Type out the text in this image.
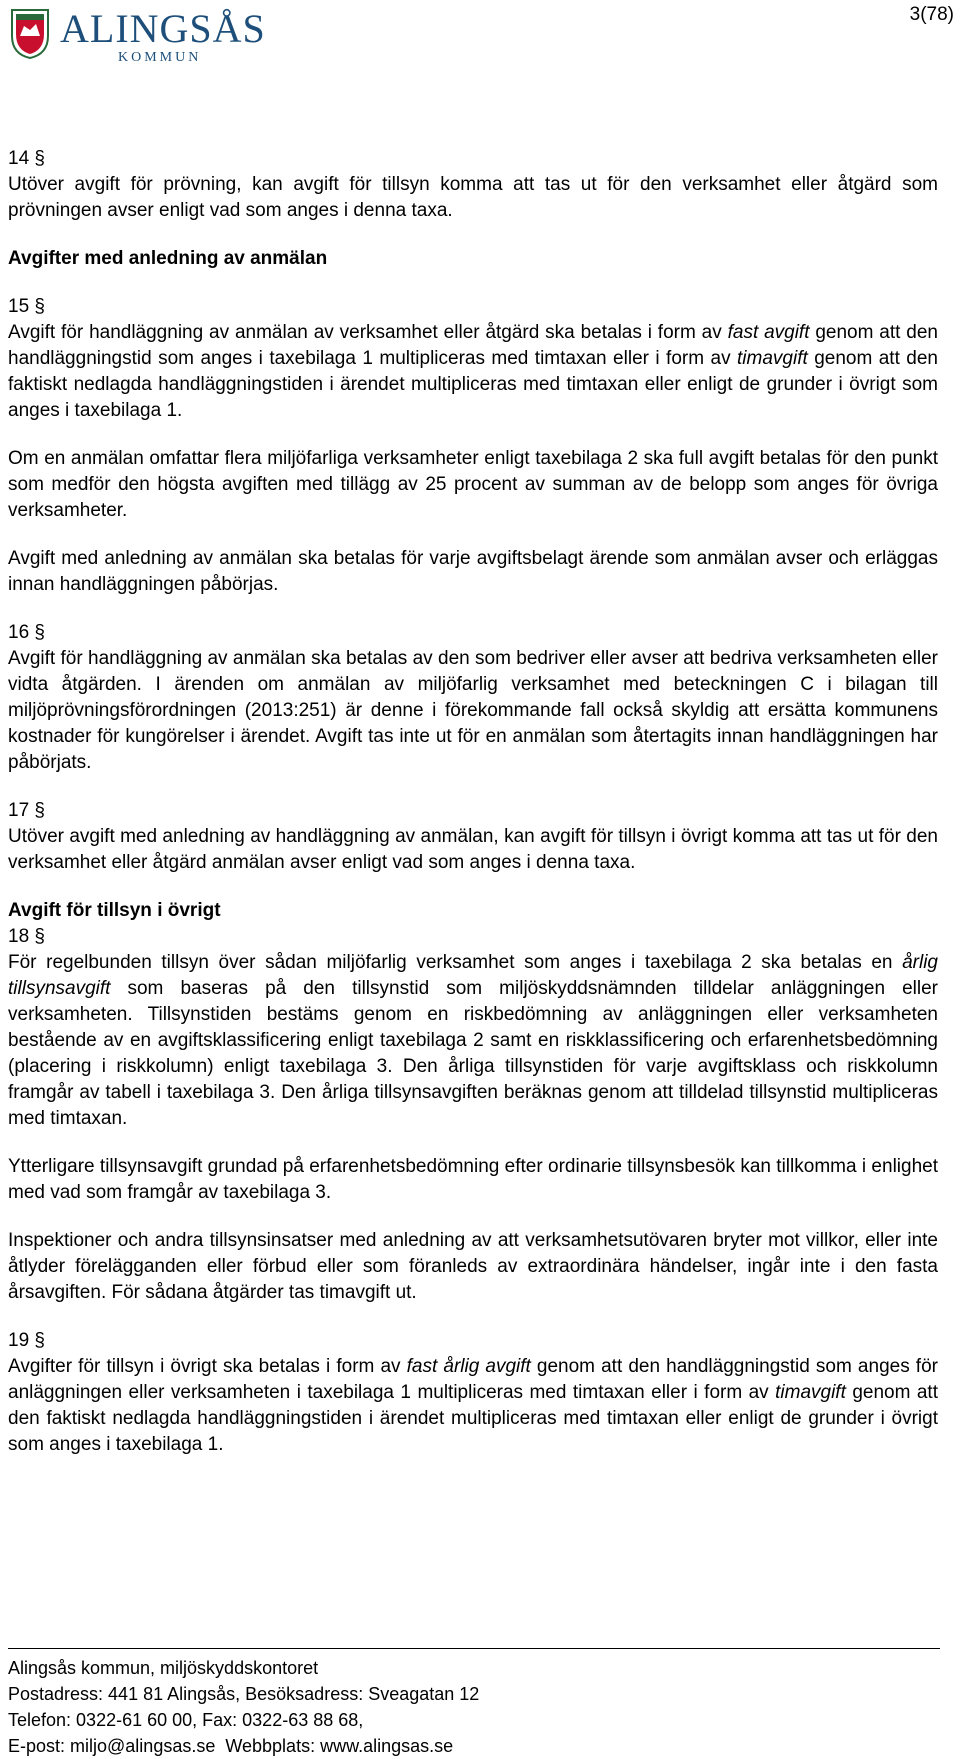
ALINGSÅS
KOMMUN
3(78)
14 §

Utöver avgift för prövning, kan avgift för tillsyn komma att tas ut för den verksamhet eller åtgärd som prövningen avser enligt vad som anges i denna taxa.

Avgifter med anledning av anmälan
15 §

Avgift för handläggning av anmälan av verksamhet eller åtgärd ska betalas i form av fast avgift genom att den handläggningstid som anges i taxebilaga 1 multipliceras med timtaxan eller i form av timavgift genom att den faktiskt nedlagda handläggningstiden i ärendet multipliceras med timtaxan eller enligt de grunder i övrigt som anges i taxebilaga 1.

Om en anmälan omfattar flera miljöfarliga verksamheter enligt taxebilaga 2 ska full avgift betalas för den punkt som medför den högsta avgiften med tillägg av 25 procent av summan av de belopp som anges för övriga verksamheter.

Avgift med anledning av anmälan ska betalas för varje avgiftsbelagt ärende som anmälan avser och erläggas innan handläggningen påbörjas.

16 §

Avgift för handläggning av anmälan ska betalas av den som bedriver eller avser att bedriva verksamheten eller vidta åtgärden. I ärenden om anmälan av miljöfarlig verksamhet med beteckningen C i bilagan till miljöprövningsförordningen (2013:251) är denne i förekommande fall också skyldig att ersätta kommunens kostnader för kungörelser i ärendet. Avgift tas inte ut för en anmälan som återtagits innan handläggningen har påbörjats.

17 §

Utöver avgift med anledning av handläggning av anmälan, kan avgift för tillsyn i övrigt komma att tas ut för den verksamhet eller åtgärd anmälan avser enligt vad som anges i denna taxa.

Avgift för tillsyn i övrigt
18 §

För regelbunden tillsyn över sådan miljöfarlig verksamhet som anges i taxebilaga 2 ska betalas en årlig tillsynsavgift som baseras på den tillsynstid som miljöskyddsnämnden tilldelar anläggningen eller verksamheten. Tillsynstiden bestäms genom en riskbedömning av anläggningen eller verksamheten bestående av en avgiftsklassificering enligt taxebilaga 2 samt en riskklassificering och erfarenhetsbedömning (placering i riskkolumn) enligt taxebilaga 3. Den årliga tillsynstiden för varje avgiftsklass och riskkolumn framgår av tabell i taxebilaga 3. Den årliga tillsynsavgiften beräknas genom att tilldelad tillsynstid multipliceras med timtaxan.

Ytterligare tillsynsavgift grundad på erfarenhetsbedömning efter ordinarie tillsynsbesök kan tillkomma i enlighet med vad som framgår av taxebilaga 3.

Inspektioner och andra tillsynsinsatser med anledning av att verksamhetsutövaren bryter mot villkor, eller inte åtlyder förelägganden eller förbud eller som föranleds av extraordinära händelser, ingår inte i den fasta årsavgiften. För sådana åtgärder tas timavgift ut.

19 §

Avgifter för tillsyn i övrigt ska betalas i form av fast årlig avgift genom att den handläggningstid som anges för anläggningen eller verksamheten i taxebilaga 1 multipliceras med timtaxan eller i form av timavgift genom att den faktiskt nedlagda handläggningstiden i ärendet multipliceras med timtaxan eller enligt de grunder i övrigt som anges i taxebilaga 1.

Alingsås kommun, miljöskyddskontoret
Postadress: 441 81 Alingsås, Besöksadress: Sveagatan 12
Telefon: 0322-61 60 00, Fax: 0322-63 88 68,
E-post: miljo@alingsas.se  Webbplats: www.alingsas.se
